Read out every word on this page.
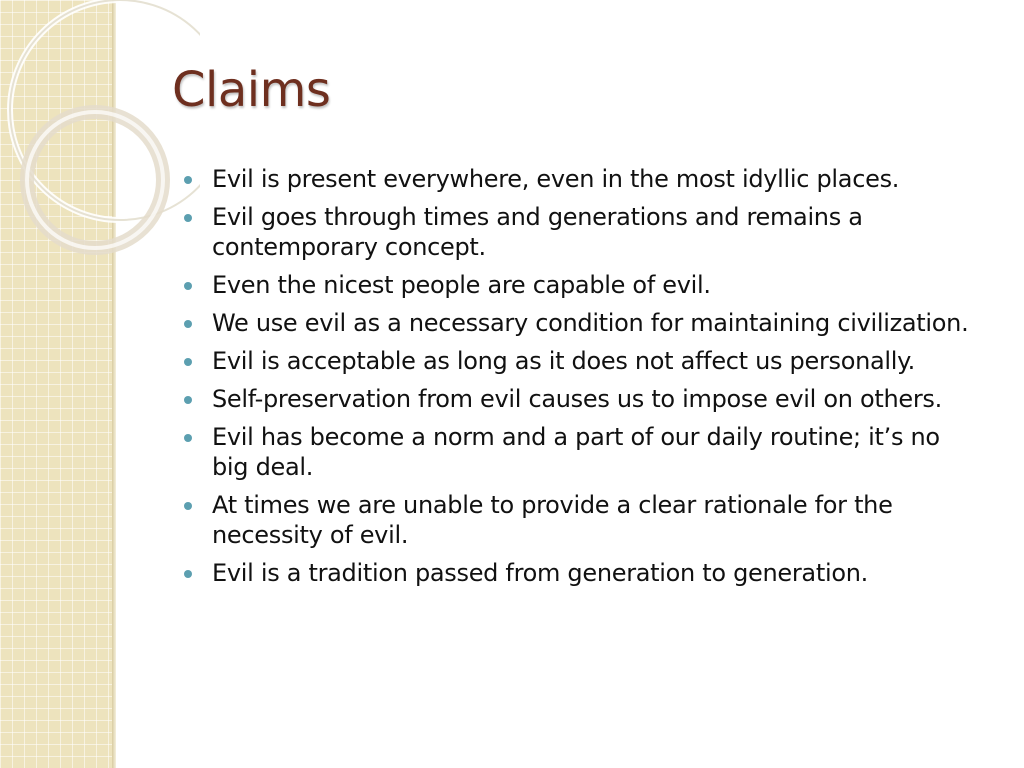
Claims
Evil is present everywhere, even in the most idyllic places.
Evil goes through times and generations and remains a contemporary concept.
Even the nicest people are capable of evil.
We use evil as a necessary condition for maintaining civilization.
Evil is acceptable as long as it does not affect us personally.
Self-preservation from evil causes us to impose evil on others.
Evil has become a norm and a part of our daily routine; it’s no big deal.
At times we are unable to provide a clear rationale for the necessity of evil.
Evil is a tradition passed from generation to generation.
